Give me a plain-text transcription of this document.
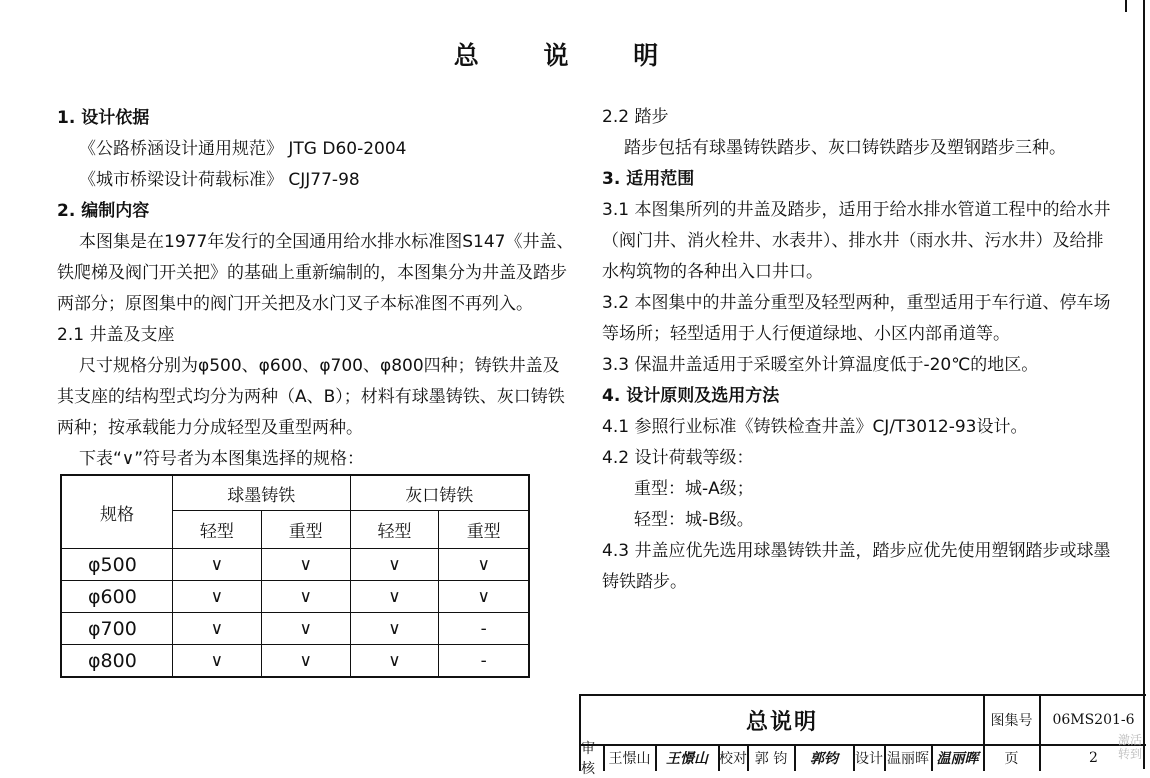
总 说 明
1. 设计依据
《公路桥涵设计通用规范》 JTG D60-2004
《城市桥梁设计荷载标准》 CJJ77-98
2. 编制内容
本图集是在1977年发行的全国通用给水排水标准图S147《井盖、
铁爬梯及阀门开关把》的基础上重新编制的，本图集分为井盖及踏步
两部分；原图集中的阀门开关把及水门叉子本标准图不再列入。
2.1 井盖及支座
尺寸规格分别为φ500、φ600、φ700、φ800四种；铸铁井盖及
其支座的结构型式均分为两种（A、B）；材料有球墨铸铁、灰口铸铁
两种；按承载能力分成轻型及重型两种。
下表“∨”符号者为本图集选择的规格：
规格	球墨铸铁		灰口铸铁	
	轻型	重型	轻型	重型
φ500	∨	∨	∨	∨
φ600	∨	∨	∨	∨
φ700	∨	∨	∨	-
φ800	∨	∨	∨	-
2.2 踏步
踏步包括有球墨铸铁踏步、灰口铸铁踏步及塑钢踏步三种。
3. 适用范围
3.1 本图集所列的井盖及踏步，适用于给水排水管道工程中的给水井
（阀门井、消火栓井、水表井）、排水井（雨水井、污水井）及给排
水构筑物的各种出入口井口。
3.2 本图集中的井盖分重型及轻型两种，重型适用于车行道、停车场
等场所；轻型适用于人行便道绿地、小区内部甬道等。
3.3 保温井盖适用于采暖室外计算温度低于-20℃的地区。
4. 设计原则及选用方法
4.1 参照行业标准《铸铁检查井盖》CJ/T3012-93设计。
4.2 设计荷载等级：
重型：城-A级；
轻型：城-B级。
4.3 井盖应优先选用球墨铸铁井盖，踏步应优先使用塑钢踏步或球墨
铸铁踏步。
总说明	图集号	06MS201-6
审核
王憬山	王憬山 校对 郭 钧	郭钧	设计 温丽晖 温丽晖	页	2
激活
转到
